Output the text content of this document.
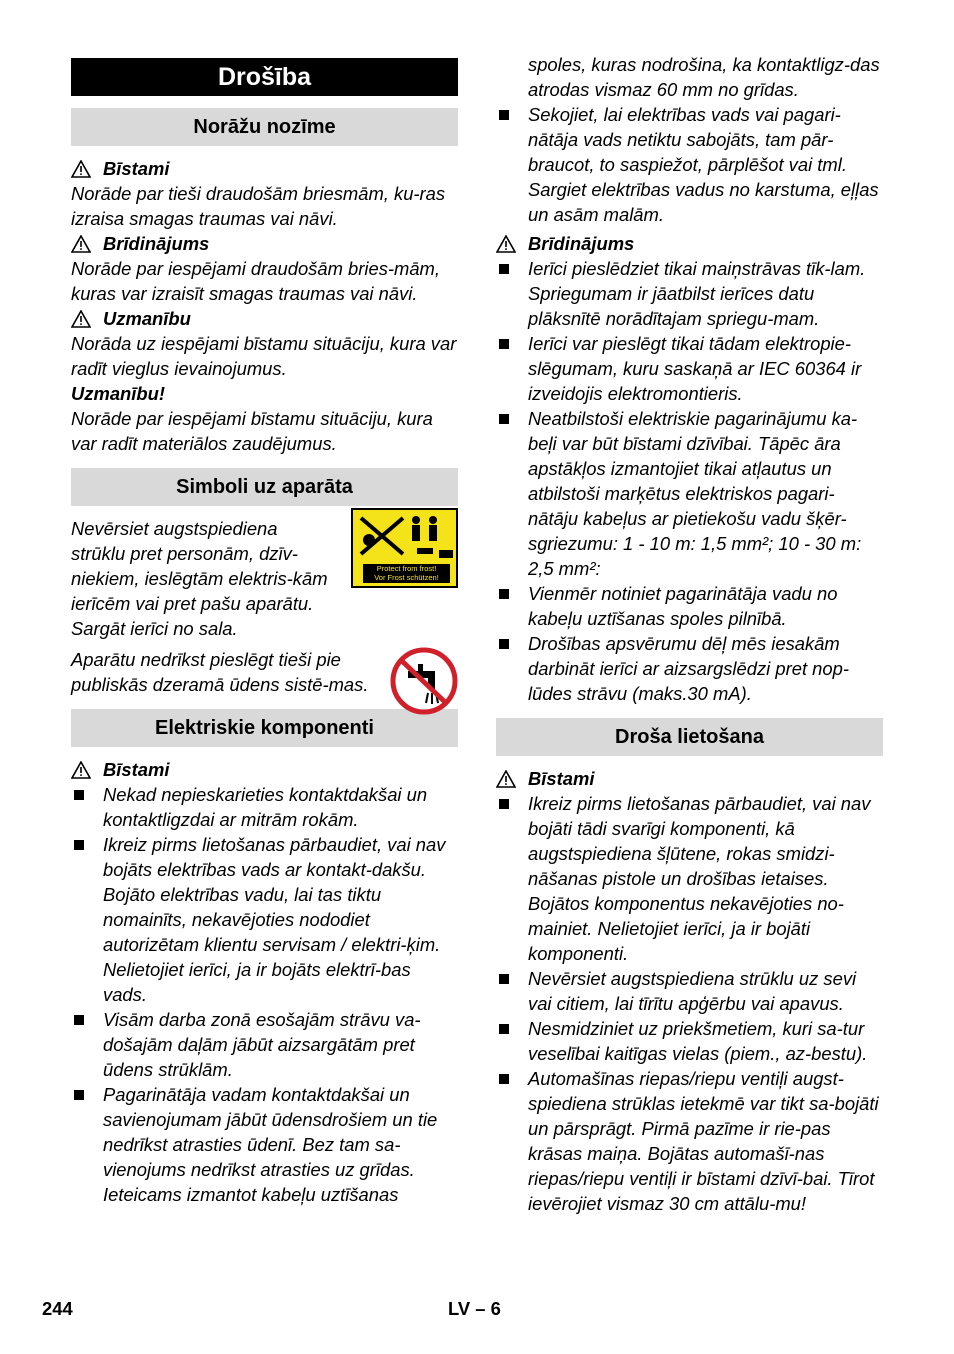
Drošība
Norāžu nozīme
Bīstami
Norāde par tieši draudošām briesmām, ku-ras izraisa smagas traumas vai nāvi.
Brīdinājums
Norāde par iespējami draudošām bries-mām, kuras var izraisīt smagas traumas vai nāvi.
Uzmanību
Norāda uz iespējami bīstamu situāciju, kura var radīt vieglus ievainojumus.
Uzmanību!
Norāde par iespējami bīstamu situāciju, kura var radīt materiālos zaudējumus.
Simboli uz aparāta
Nevērsiet augstspiediena strūklu pret personām, dzīv-niekiem, ieslēgtām elektris-kām ierīcēm vai pret pašu aparātu.
Sargāt ierīci no sala.
Protect from frost!
Vor Frost schützen!
Aparātu nedrīkst pieslēgt tieši pie publiskās dzeramā ūdens sistē-mas.
Elektriskie komponenti
Bīstami
Nekad nepieskarieties kontaktdakšai un kontaktligzdai ar mitrām rokām.
Ikreiz pirms lietošanas pārbaudiet, vai nav bojāts elektrības vads ar kontakt-dakšu. Bojāto elektrības vadu, lai tas tiktu nomainīts, nekavējoties nododiet autorizētam klientu servisam / elektri-ķim. Nelietojiet ierīci, ja ir bojāts elektrī-bas vads.
Visām darba zonā esošajām strāvu va-došajām daļām jābūt aizsargātām pret ūdens strūklām.
Pagarinātāja vadam kontaktdakšai un savienojumam jābūt ūdensdrošiem un tie nedrīkst atrasties ūdenī. Bez tam sa-vienojums nedrīkst atrasties uz grīdas. Ieteicams izmantot kabeļu uztīšanas
spoles, kuras nodrošina, ka kontaktligz-das atrodas vismaz 60 mm no grīdas.
Sekojiet, lai elektrības vads vai pagari-nātāja vads netiktu sabojāts, tam pār-braucot, to saspiežot, pārplēšot vai tml. Sargiet elektrības vadus no karstuma, eļļas un asām malām.
Brīdinājums
Ierīci pieslēdziet tikai maiņstrāvas tīk-lam. Spriegumam ir jāatbilst ierīces datu plāksnītē norādītajam spriegu-mam.
Ierīci var pieslēgt tikai tādam elektropie-slēgumam, kuru saskaņā ar IEC 60364 ir izveidojis elektromontieris.
Neatbilstoši elektriskie pagarinājumu ka-beļi var būt bīstami dzīvībai. Tāpēc āra apstākļos izmantojiet tikai atļautus un atbilstoši marķētus elektriskos pagari-nātāju kabeļus ar pietiekošu vadu šķēr-sgriezumu: 1 - 10 m: 1,5 mm²; 10 - 30 m: 2,5 mm²:
Vienmēr notiniet pagarinātāja vadu no kabeļu uztīšanas spoles pilnībā.
Drošības apsvērumu dēļ mēs iesakām darbināt ierīci ar aizsargslēdzi pret nop-lūdes strāvu (maks.30 mA).
Droša lietošana
Bīstami
Ikreiz pirms lietošanas pārbaudiet, vai nav bojāti tādi svarīgi komponenti, kā augstspiediena šļūtene, rokas smidzi-nāšanas pistole un drošības ietaises. Bojātos komponentus nekavējoties no-mainiet. Nelietojiet ierīci, ja ir bojāti komponenti.
Nevērsiet augstspiediena strūklu uz sevi vai citiem, lai tīrītu apģērbu vai apavus.
Nesmidziniet uz priekšmetiem, kuri sa-tur veselībai kaitīgas vielas (piem., az-bestu).
Automašīnas riepas/riepu ventiļi augst-spiediena strūklas ietekmē var tikt sa-bojāti un pārsprāgt. Pirmā pazīme ir rie-pas krāsas maiņa. Bojātas automašī-nas riepas/riepu ventiļi ir bīstami dzīvī-bai. Tīrot ievērojiet vismaz 30 cm attālu-mu!
244	LV – 6
